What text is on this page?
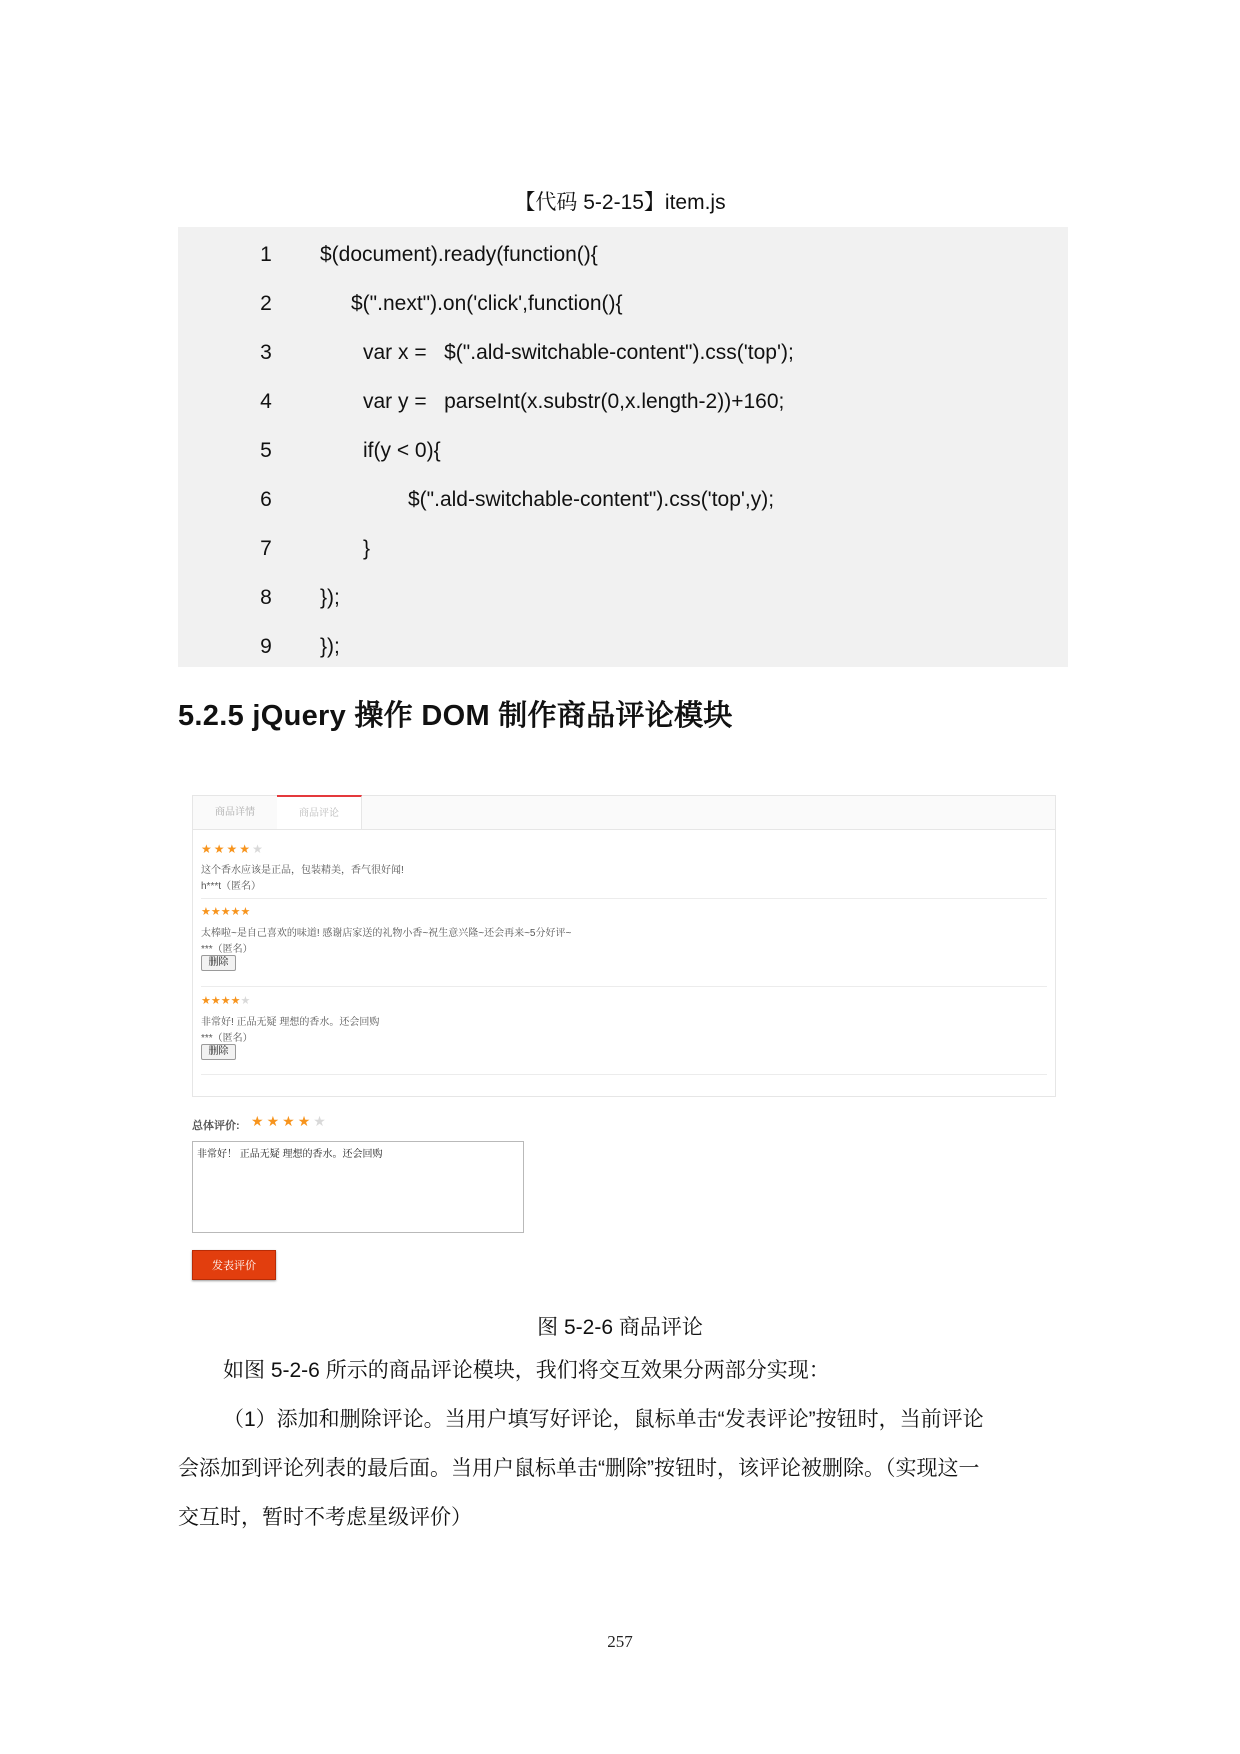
【代码 5-2-15】item.js
1	$(document).ready(function(){
2	$(".next").on('click',function(){
3	var x =   $(".ald-switchable-content").css('top');
4	var y =   parseInt(x.substr(0,x.length-2))+160;
5	if(y < 0){
6	$(".ald-switchable-content").css('top',y);
7	}
8	});
9	});
5.2.5 jQuery 操作 DOM 制作商品评论模块
商品详情	商品评论
★★★★★
这个香水应该是正品，包装精美，香气很好闻!
h***t（匿名）
★★★★★
太棒啦~是自己喜欢的味道! 感谢店家送的礼物小香~祝生意兴隆~还会再来~5分好评~
***（匿名）
删除
★★★★★
非常好! 正品无疑 理想的香水。还会回购
***（匿名）
删除
总体评价: ★★★★★
非常好！ 正品无疑 理想的香水。还会回购
发表评价
图 5-2-6 商品评论
如图 5-2-6 所示的商品评论模块，我们将交互效果分两部分实现：
（1）添加和删除评论。当用户填写好评论，鼠标单击“发表评论”按钮时，当前评论
会添加到评论列表的最后面。当用户鼠标单击“删除”按钮时，该评论被删除。（实现这一
交互时，暂时不考虑星级评价）
257
